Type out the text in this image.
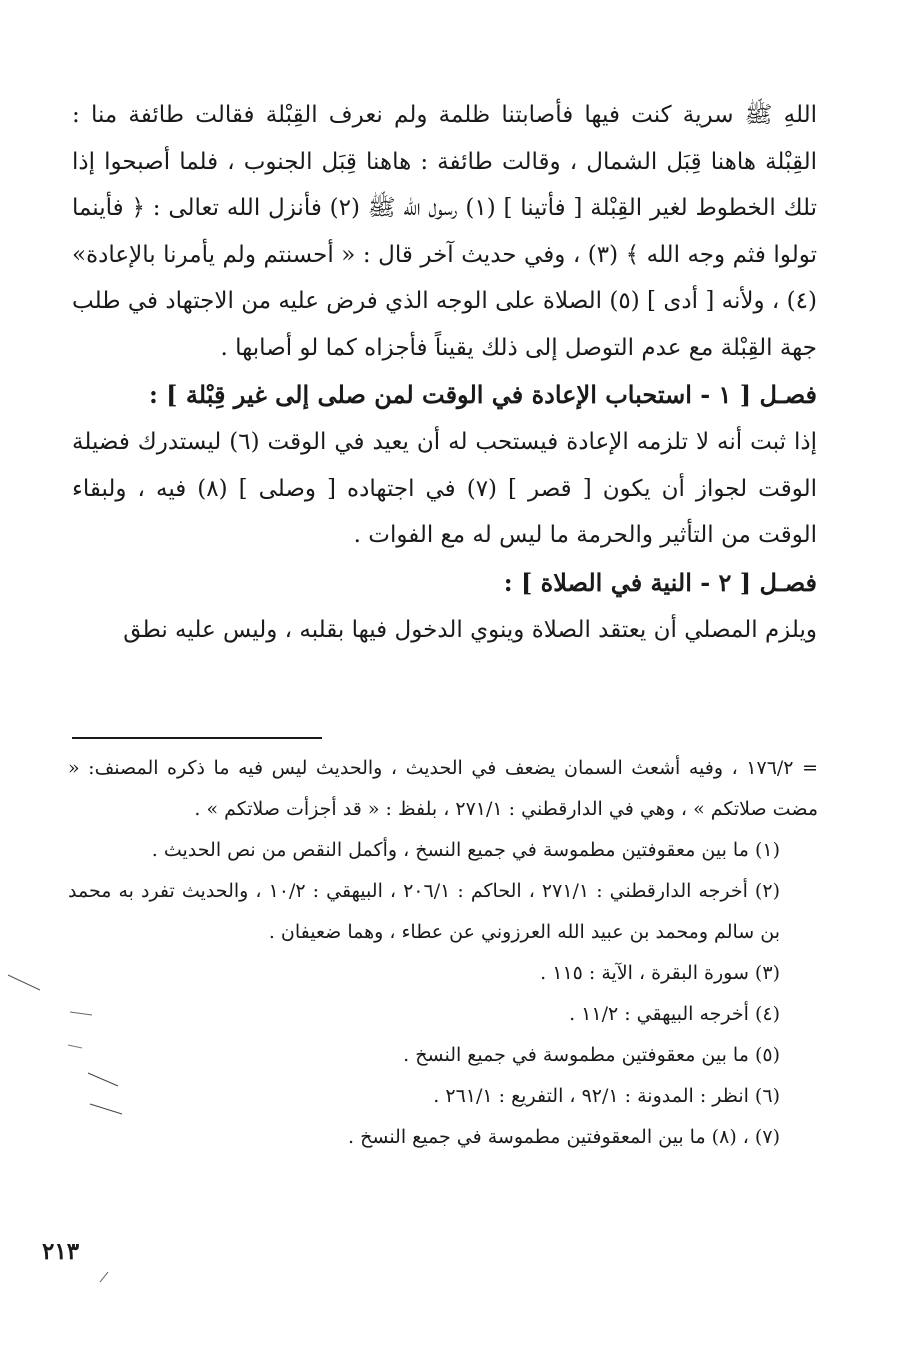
اللهِ ﷺ سرية كنت فيها فأصابتنا ظلمة ولم نعرف القِبْلة فقالت طائفة منا : القِبْلة هاهنا قِبَل الشمال ، وقالت طائفة : هاهنا قِبَل الجنوب ، فلما أصبحوا إذا تلك الخطوط لغير القِبْلة [ فأتينا ] (١) رسول الله ﷺ (٢) فأنزل الله تعالى : ﴿ فأينما تولوا فثم وجه الله ﴾ (٣) ، وفي حديث آخر قال : « أحسنتم ولم يأمرنا بالإعادة» (٤) ، ولأنه [ أدى ] (٥) الصلاة على الوجه الذي فرض عليه من الاجتهاد في طلب جهة القِبْلة مع عدم التوصل إلى ذلك يقيناً فأجزاه كما لو أصابها .

فصـل [ ١ - استحباب الإعادة في الوقت لمن صلى إلى غير قِبْلة ] :

إذا ثبت أنه لا تلزمه الإعادة فيستحب له أن يعيد في الوقت (٦) ليستدرك فضيلة الوقت لجواز أن يكون [ قصر ] (٧) في اجتهاده [ وصلى ] (٨) فيه ، ولبقاء الوقت من التأثير والحرمة ما ليس له مع الفوات .

فصـل [ ٢ - النية في الصلاة ] :

ويلزم المصلي أن يعتقد الصلاة وينوي الدخول فيها بقلبه ، وليس عليه نطق

= ١٧٦/٢ ، وفيه أشعث السمان يضعف في الحديث ، والحديث ليس فيه ما ذكره المصنف: « مضت صلاتكم » ، وهي في الدارقطني : ٢٧١/١ ، بلفظ : « قد أجزأت صلاتكم » .

(١) ما بين معقوفتين مطموسة في جميع النسخ ، وأكمل النقص من نص الحديث .

(٢) أخرجه الدارقطني : ٢٧١/١ ، الحاكم : ٢٠٦/١ ، البيهقي : ١٠/٢ ، والحديث تفرد به محمد بن سالم ومحمد بن عبيد الله العرزوني عن عطاء ، وهما ضعيفان .

(٣) سورة البقرة ، الآية : ١١٥ .

(٤) أخرجه البيهقي : ١١/٢ .

(٥) ما بين معقوفتين مطموسة في جميع النسخ .

(٦) انظر : المدونة : ٩٢/١ ، التفريع : ٢٦١/١ .

(٧) ، (٨) ما بين المعقوفتين مطموسة في جميع النسخ .

٢١٣
